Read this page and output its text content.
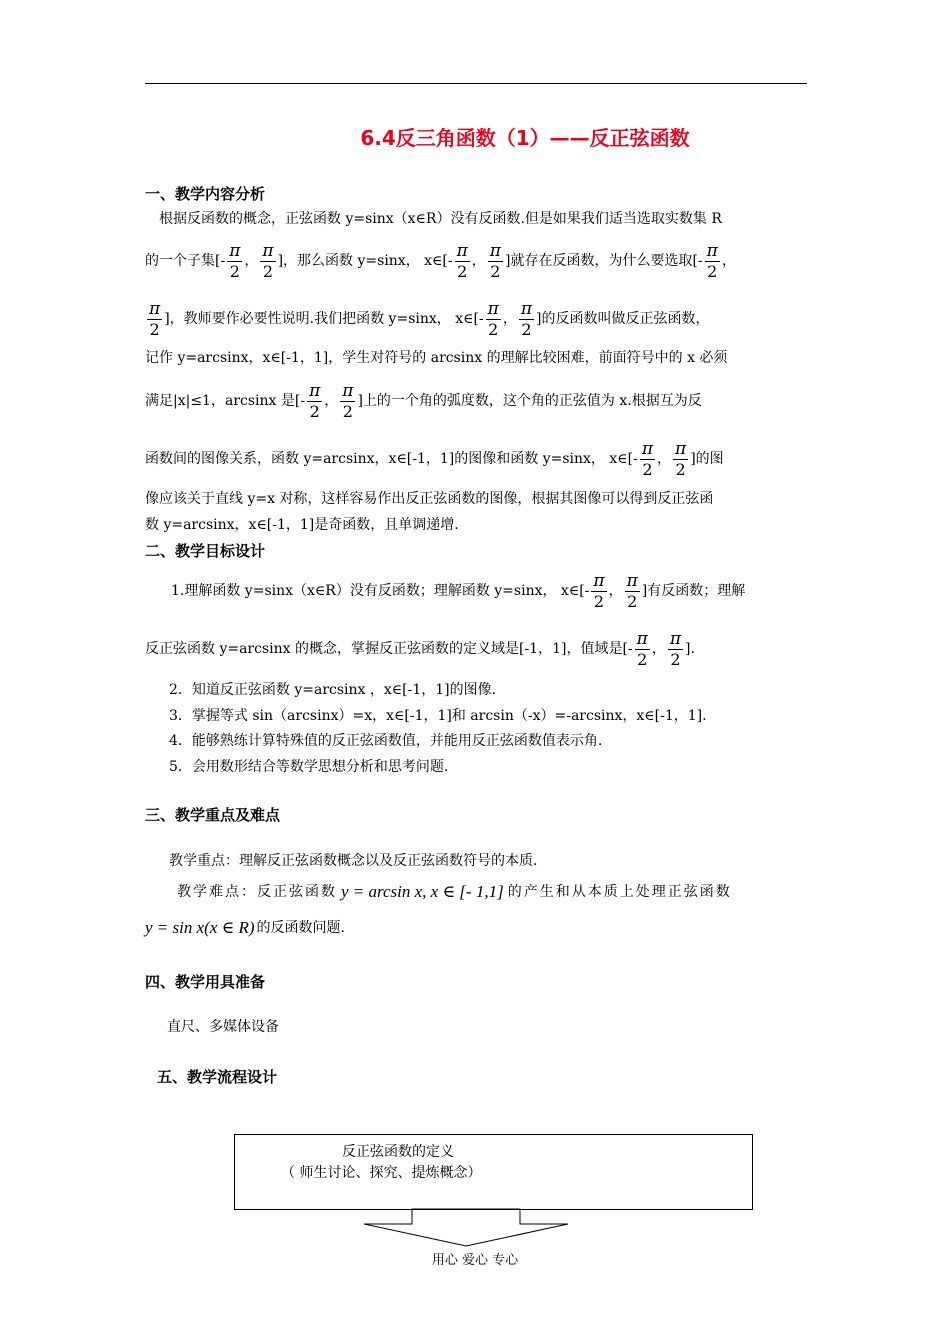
6.4反三角函数（1）——反正弦函数
一、教学内容分析
根据反函数的概念，正弦函数 y=sinx（x∈R）没有反函数.但是如果我们适当选取实数集 R
的一个子集[- $\frac{\pi}{2}$ ， $\frac{\pi}{2}$ ]，那么函数 y=sinx， x∈[- $\frac{\pi}{2}$ ， $\frac{\pi}{2}$ ]就存在反函数，为什么要选取[- $\frac{\pi}{2}$ ，
$\frac{\pi}{2}$ ]，教师要作必要性说明.我们把函数 y=sinx， x∈[- $\frac{\pi}{2}$ ， $\frac{\pi}{2}$ ]的反函数叫做反正弦函数，
记作 y=arcsinx，x∈[-1，1]，学生对符号的 arcsinx 的理解比较困难，前面符号中的 x 必须
满足|x|≤1，arcsinx 是[- $\frac{\pi}{2}$ ， $\frac{\pi}{2}$ ]上的一个角的弧度数，这个角的正弦值为 x.根据互为反
函数间的图像关系，函数 y=arcsinx，x∈[-1，1]的图像和函数 y=sinx， x∈[- $\frac{\pi}{2}$ ， $\frac{\pi}{2}$ ]的图
像应该关于直线 y=x 对称，这样容易作出反正弦函数的图像，根据其图像可以得到反正弦函
数 y=arcsinx，x∈[-1，1]是奇函数，且单调递增.
二、教学目标设计
1.理解函数 y=sinx（x∈R）没有反函数；理解函数 y=sinx， x∈[- $\frac{\pi}{2}$ ， $\frac{\pi}{2}$ ]有反函数；理解
反正弦函数 y=arcsinx 的概念，掌握反正弦函数的定义域是[-1，1]，值域是[- $\frac{\pi}{2}$ ， $\frac{\pi}{2}$ ].
2．知道反正弦函数 y=arcsinx ，x∈[-1，1]的图像.
3．掌握等式 sin（arcsinx）=x，x∈[-1，1]和 arcsin（-x）=-arcsinx，x∈[-1，1].
4．能够熟练计算特殊值的反正弦函数值，并能用反正弦函数值表示角.
5．会用数形结合等数学思想分析和思考问题.
三、教学重点及难点
教学重点：理解反正弦函数概念以及反正弦函数符号的本质.
教学难点：反正弦函数 y = arcsin x, x ∈ [- 1,1] 的产生和从本质上处理正弦函数
y = sin x(x ∈ R) 的反函数问题.
四、教学用具准备
直尺、多媒体设备
五、教学流程设计
反正弦函数的定义
（ 师生讨论、探究、提炼概念）
用心 爱心 专心
